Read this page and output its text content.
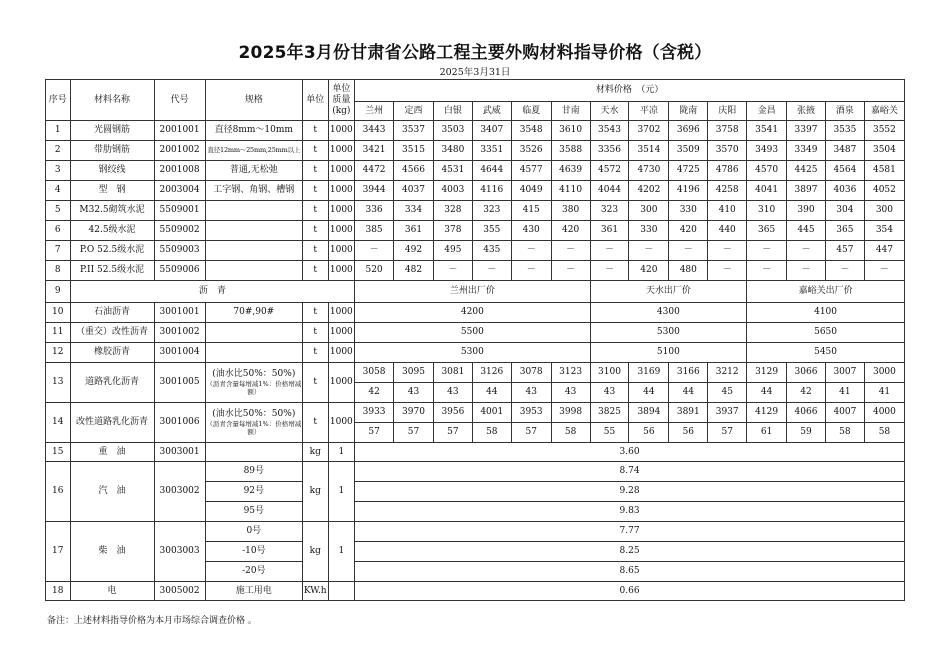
2025年3月份甘肃省公路工程主要外购材料指导价格（含税）
2025年3月31日
序号	材料名称	代号	规格	单位	单位质量(kg)	材料价格　（元）													
						兰州	定西	白银	武威	临夏	甘南	天水	平凉	陇南	庆阳	金昌	张掖	酒泉	嘉峪关
1	光圆钢筋	2001001	直径8mm～10mm	t	1000	3443	3537	3503	3407	3548	3610	3543	3702	3696	3758	3541	3397	3535	3552
2	带肋钢筋	2001002	直径12mm～25mm,25mm以上	t	1000	3421	3515	3480	3351	3526	3588	3356	3514	3509	3570	3493	3349	3487	3504
3	钢绞线	2001008	普通,无松弛	t	1000	4472	4566	4531	4644	4577	4639	4572	4730	4725	4786	4570	4425	4564	4581
4	型　钢	2003004	工字钢、角钢、槽钢	t	1000	3944	4037	4003	4116	4049	4110	4044	4202	4196	4258	4041	3897	4036	4052
5	M32.5砌筑水泥	5509001		t	1000	336	334	328	323	415	380	323	300	330	410	310	390	304	300
6	42.5级水泥	5509002		t	1000	385	361	378	355	430	420	361	330	420	440	365	445	365	354
7	P.O 52.5级水泥	5509003		t	1000	－	492	495	435	－	－	－	－	－	－	－	－	457	447
8	P.II 52.5级水泥	5509006		t	1000	520	482	－	－	－	－	－	420	480	－	－	－	－	－
9	沥　青					兰州出厂价						天水出厂价				嘉峪关出厂价			
10	石油沥青	3001001	70#,90#	t	1000	4200						4300				4100			
11	（重交）改性沥青	3001002		t	1000	5500						5300				5650			
12	橡胶沥青	3001004		t	1000	5300						5100				5450			
13	道路乳化沥青	3001005	(油水比50%：50%)
（沥青含量每增减1%：价格增减额）	t	1000	3058	3095	3081	3126	3078	3123	3100	3169	3166	3212	3129	3066	3007	3000
						42	43	43	44	43	43	43	44	44	45	44	42	41	41
14	改性道路乳化沥青	3001006	(油水比50%：50%)
（沥青含量每增减1%：价格增减额）	t	1000	3933	3970	3956	4001	3953	3998	3825	3894	3891	3937	4129	4066	4007	4000
						57	57	57	58	57	58	55	56	56	57	61	59	58	58
15	重　油	3003001		kg	1	3.60													
16	汽　油	3003002	89号	kg	1	8.74													
			92号			9.28													
			95号			9.83													
17	柴　油	3003003	0号	kg	1	7.77													
			-10号			8.25													
			-20号			8.65													
18	电	3005002	施工用电	KW.h		0.66													
备注：上述材料指导价格为本月市场综合调查价格 。
